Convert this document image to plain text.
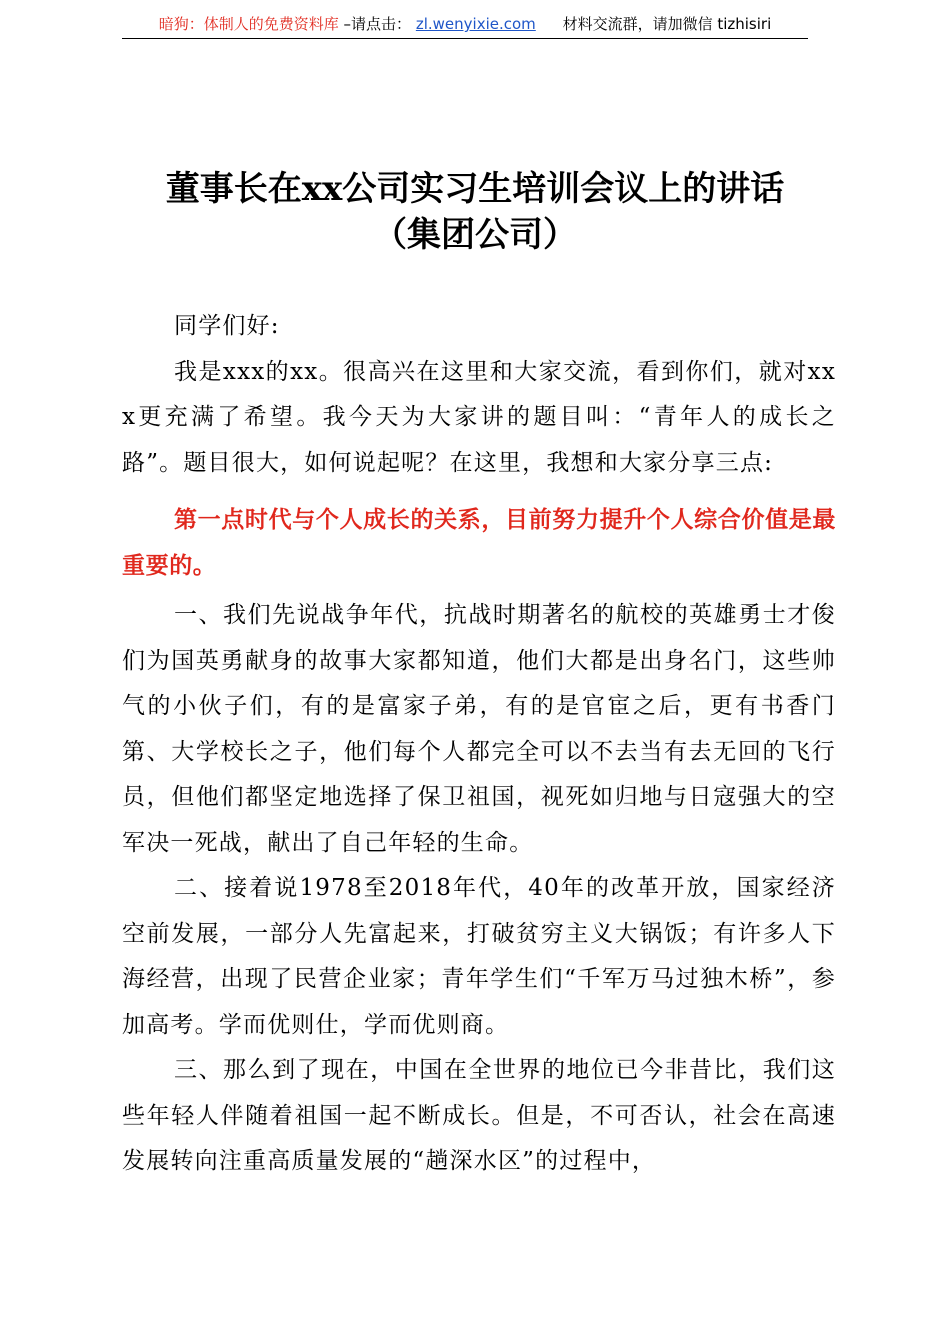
暗狗：体制人的免费资料库 –请点击： zl.wenyixie.com 材料交流群，请加微信 tizhisiri
董事长在xx公司实习生培训会议上的讲话
（集团公司）

同学们好:

我是xxx的xx。很高兴在这里和大家交流，看到你们，就对xxx更充满了希望。我今天为大家讲的题目叫：“青年人的成长之路”。题目很大，如何说起呢？在这里，我想和大家分享三点:

第一点时代与个人成长的关系，目前努力提升个人综合价值是最重要的。

一、我们先说战争年代，抗战时期著名的航校的英雄勇士才俊们为国英勇献身的故事大家都知道，他们大都是出身名门，这些帅气的小伙子们，有的是富家子弟，有的是官宦之后，更有书香门第、大学校长之子，他们每个人都完全可以不去当有去无回的飞行员，但他们都坚定地选择了保卫祖国，视死如归地与日寇强大的空军决一死战，献出了自己年轻的生命。

二、接着说1978至2018年代，40年的改革开放，国家经济空前发展，一部分人先富起来，打破贫穷主义大锅饭；有许多人下海经营，出现了民营企业家；青年学生们“千军万马过独木桥”，参加高考。学而优则仕，学而优则商。

三、那么到了现在，中国在全世界的地位已今非昔比，我们这些年轻人伴随着祖国一起不断成长。但是，不可否认，社会在高速发展转向注重高质量发展的“趟深水区”的过程中，
